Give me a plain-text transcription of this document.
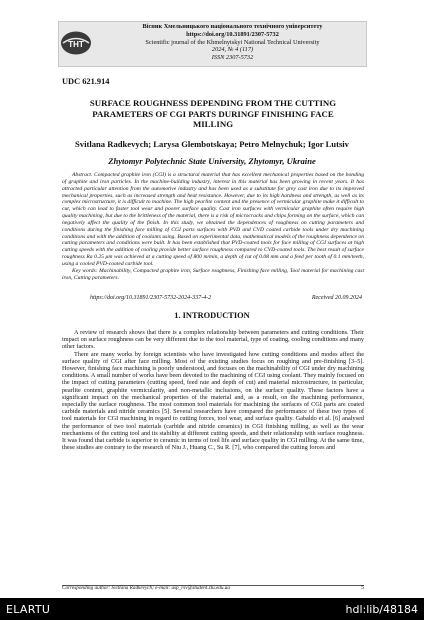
THT
Вісник Хмельницького національного технічного університету
https://doi.org/10.31891/2307-5732
Scientific journal of the Khmelnytskyi National Technical University
2024, № 4 (117)
ISSN 2307-5732
UDC 621.914
SURFACE ROUGHNESS DEPENDING FROM THE CUTTING
PARAMETERS OF CGI PARTS DURINGF FINISHING FACE
MILLING
Svitlana Radkevych; Larysa Glembotskaya; Petro Melnychuk; Igor Lutsiv
Zhytomyr Polytechnic State University, Zhytomyr, Ukraine

Abstract. Compacted graphite iron (CGI) is a structural material that has excellent mechanical properties based on the bonding of graphite and iron particles. In the machine-building industry, interest in this material has been growing in recent years. It has attracted particular attention from the automotive industry and has been used as a substitute for grey cast iron due to its improved mechanical properties, such as increased strength and heat resistance. However, due to its high hardness and strength, as well as its complex microstructure, it is difficult to machine. The high pearlite content and the presence of vermicular graphite make it difficult to cut, which can lead to faster tool wear and poorer surface quality. Cast iron surfaces with vermicular graphite often require high quality machining, but due to the brittleness of the material, there is a risk of microcracks and chips forming on the surface, which can negatively affect the quality of the finish. In this study, we obtained the dependences of roughness on cutting parameters and conditions during the finishing face milling of CGI parts surfaces with PVD and CVD coated carbide tools under dry machining conditions and with the addition of coolants using. Based on experimental data, mathematical models of the roughness dependence on cutting parameters and conditions were built. It has been established that PVD-coated tools for face milling of CGI surfaces at high cutting speeds with the addition of cooling provide better surface roughness compared to CVD-coated tools. The best result of surface roughness Ra 0.25 μm was achieved at a cutting speed of 800 m/min, a depth of cut of 0.08 mm and a feed per tooth of 0.1 mm/teeth, using a cooled PVD-coated carbide tool.

Key words: Machinability, Compacted graphite iron, Surface roughness, Finishing face milling, Tool material for machining cast iron, Cutting parameters.
https://doi.org/10.31891/2307-5732-2024-337-4-2	Received 20.09.2024
1. INTRODUCTION

A review of research shows that there is a complex relationship between parameters and cutting conditions. Their impact on surface roughness can be very different due to the tool material, type of coating, cooling conditions and many other factors.

There are many works by foreign scientists who have investigated how cutting conditions and modes affect the surface quality of CGI after face milling. Most of the existing studies focus on roughing and pre-finishing [3–5]. However, finishing face machining is poorly understood, and focuses on the machinability of CGI under dry machining conditions. A small number of works have been devoted to the machining of CGI using coolant. They mainly focused on the impact of cutting parameters (cutting speed, feed rate and depth of cut) and material microstructure, in particular, pearlite content, graphite vermicularity, and non-metallic inclusions, on the surface quality. These factors have a significant impact on the mechanical properties of the material and, as a result, on the machining performance, especially the surface roughness. The most common tool materials for machining the surfaces of CGI parts are coated carbide materials and nitride ceramics [5]. Several researchers have compared the performance of these two types of tool materials for CGI machining in regard to cutting forces, tool wear, and surface quality. Gabaldo et al. [6] analysed the performance of two tool materials (carbide and nitride ceramics) in CGI finishing milling, as well as the wear mechanisms of the cutting tool and its stability at different cutting speeds, and their relationship with surface roughness. It was found that carbide is superior to ceramic in terms of tool life and surface quality in CGI milling. At the same time, these studies are contrary to the research of Niu J., Huang C., Su R. [7], who compared the cutting forces and

Corresponding author: Svitlana Radkevych; e-mail: asp_rsv@student.ztu.edu.ua	5
ELARTU	hdl:lib/48184
